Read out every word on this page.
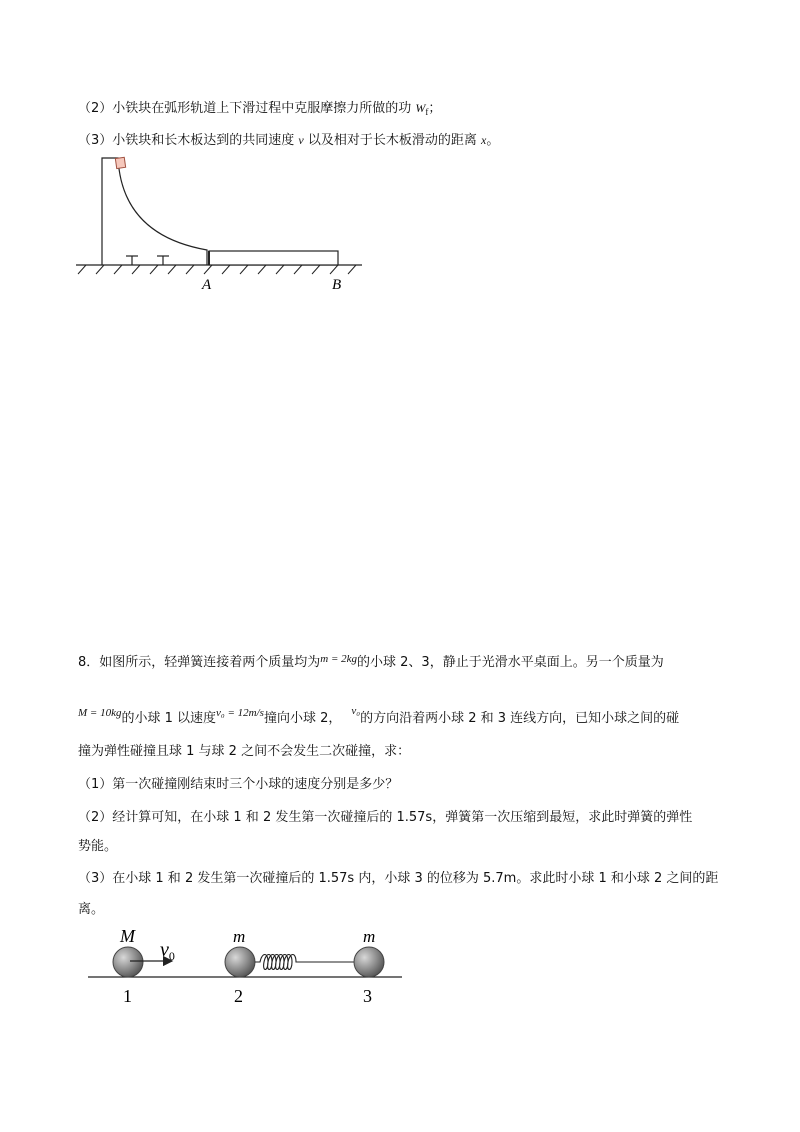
（2）小铁块在弧形轨道上下滑过程中克服摩擦力所做的功 $W_f$；
（3）小铁块和长木板达到的共同速度 v 以及相对于长木板滑动的距离 x。
A	B
8．如图所示，轻弹簧连接着两个质量均为$^{m = 2kg}$的小球 2、3，静止于光滑水平桌面上。另一个质量为
$^{M = 10kg}$的小球 1 以速度$^{v_0 = 12m/s}$撞向小球 2， $^{v_0}$的方向沿着两小球 2 和 3 连线方向，已知小球之间的碰
撞为弹性碰撞且球 1 与球 2 之间不会发生二次碰撞，求：
（1）第一次碰撞刚结束时三个小球的速度分别是多少？
（2）经计算可知，在小球 1 和 2 发生第一次碰撞后的 1.57s，弹簧第一次压缩到最短，求此时弹簧的弹性
势能。
（3）在小球 1 和 2 发生第一次碰撞后的 1.57s 内，小球 3 的位移为 5.7m。求此时小球 1 和小球 2 之间的距
离。
M
$v_0$
m	m
1	2	3
